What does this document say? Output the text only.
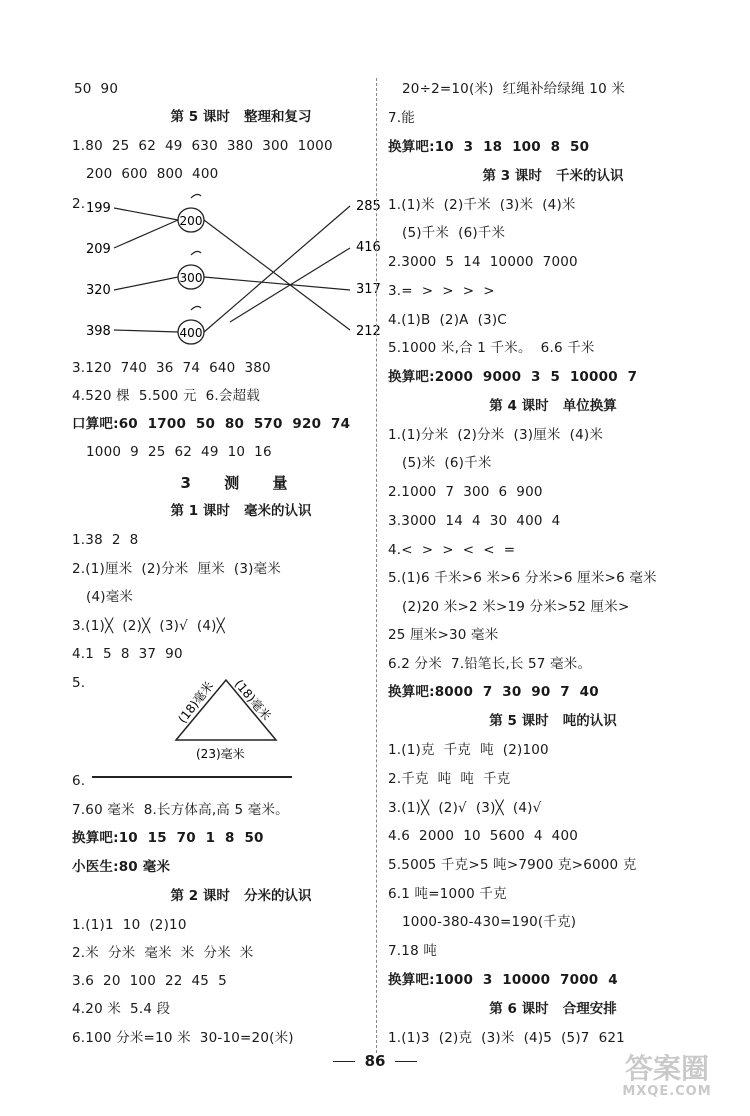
50  90
第 5 课时   整理和复习
1.80  25  62  49  630  380  300  1000
200  600  800  400
2. 199
209
320
398
200
300
400
285
416
317
212
3.120  740  36  74  640  380
4.520 棵  5.500 元  6.会超载
口算吧:60  1700  50  80  570  920  74
1000  9  25  62  49  10  16
3 测 量
第 1 课时   毫米的认识
1.38  2  8
2.(1)厘米  (2)分米  厘米  (3)毫米
(4)毫米
3.(1)╳  (2)╳  (3)√  (4)╳
4.1  5  8  37  90
5.	(18)毫米 (18)毫米
(23)毫米
6.
7.60 毫米  8.长方体高,高 5 毫米。
换算吧:10  15  70  1  8  50
小医生:80 毫米
第 2 课时   分米的认识
1.(1)1  10  (2)10
2.米  分米  毫米  米  分米  米
3.6  20  100  22  45  5
4.20 米  5.4 段
6.100 分米=10 米  30-10=20(米)
20÷2=10(米)  红绳补给绿绳 10 米
7.能
换算吧:10  3  18  100  8  50
第 3 课时   千米的认识
1.(1)米  (2)千米  (3)米  (4)米
(5)千米  (6)千米
2.3000  5  14  10000  7000
3.=  >  >  >  >
4.(1)B  (2)A  (3)C
5.1000 米,合 1 千米。  6.6 千米
换算吧:2000  9000  3  5  10000  7
第 4 课时   单位换算
1.(1)分米  (2)分米  (3)厘米  (4)米
(5)米  (6)千米
2.1000  7  300  6  900
3.3000  14  4  30  400  4
4.<  >  >  <  <  =
5.(1)6 千米>6 米>6 分米>6 厘米>6 毫米
(2)20 米>2 米>19 分米>52 厘米>
25 厘米>30 毫米
6.2 分米  7.铅笔长,长 57 毫米。
换算吧:8000  7  30  90  7  40
第 5 课时   吨的认识
1.(1)克  千克  吨  (2)100
2.千克  吨  吨  千克
3.(1)╳  (2)√  (3)╳  (4)√
4.6  2000  10  5600  4  400
5.5005 千克>5 吨>7900 克>6000 克
6.1 吨=1000 千克
1000-380-430=190(千克)
7.18 吨
换算吧:1000  3  10000  7000  4
第 6 课时   合理安排
1.(1)3  (2)克  (3)米  (4)5  (5)7  621
86	答案圈
MXQE.COM
